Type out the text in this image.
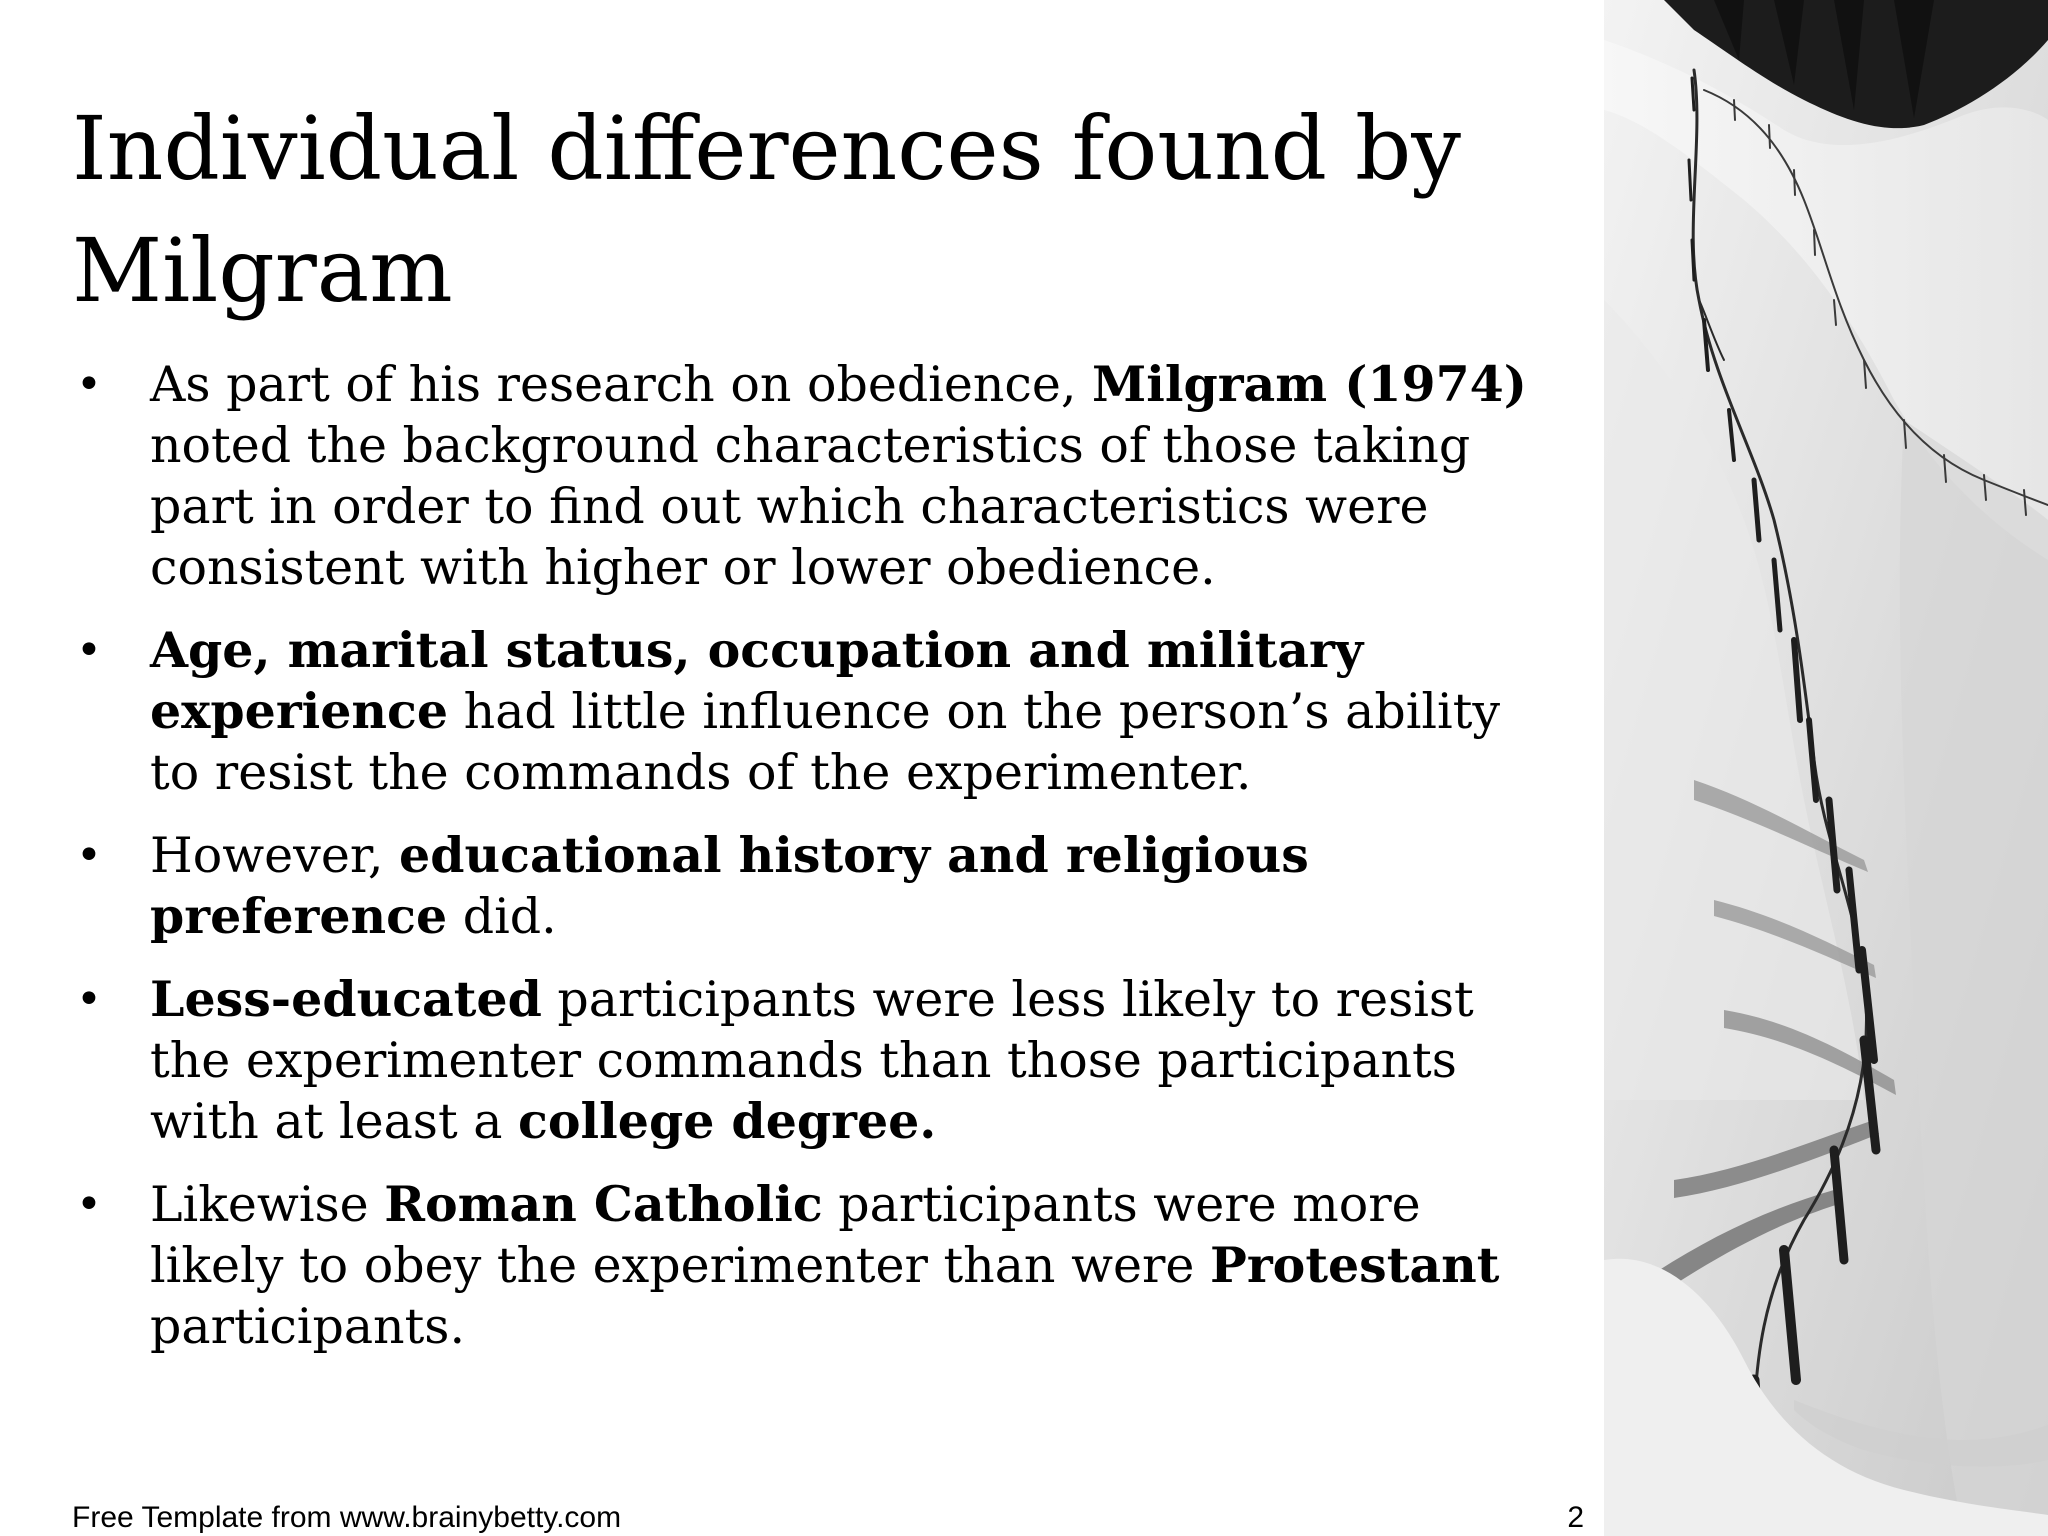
Individual differences found by Milgram
• As part of his research on obedience, Milgram (1974) noted the background characteristics of those taking part in order to find out which characteristics were consistent with higher or lower obedience.
• Age, marital status, occupation and military experience had little influence on the person’s ability to resist the commands of the experimenter.
• However, educational history and religious preference did.
• Less-educated participants were less likely to resist the experimenter commands than those participants with at least a college degree.
• Likewise Roman Catholic participants were more likely to obey the experimenter than were Protestant participants.
Free Template from www.brainybetty.com	2
